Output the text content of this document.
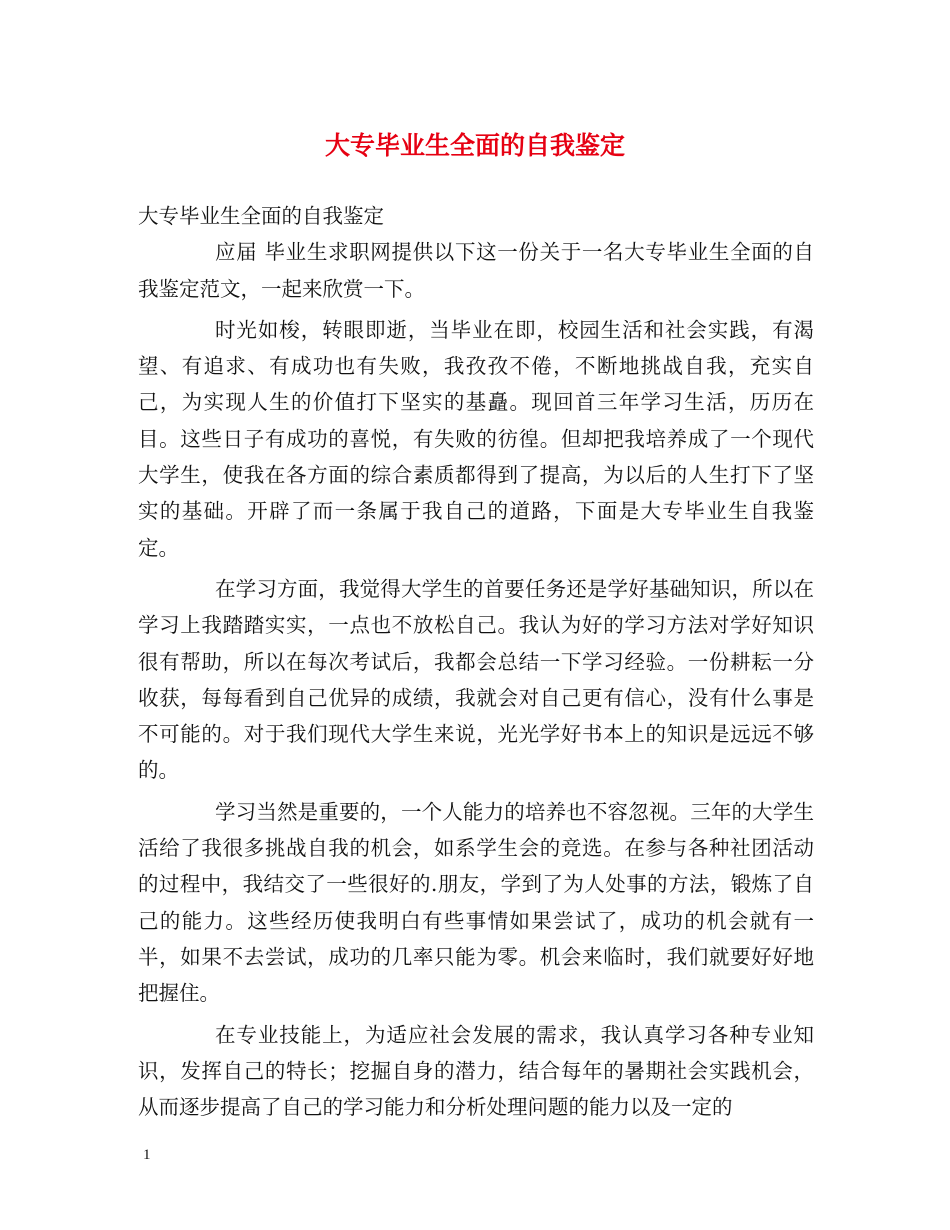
大专毕业生全面的自我鉴定

大专毕业生全面的自我鉴定

应届 毕业生求职网提供以下这一份关于一名大专毕业生全面的自我鉴定范文，一起来欣赏一下。

时光如梭，转眼即逝，当毕业在即，校园生活和社会实践，有渴望、有追求、有成功也有失败，我孜孜不倦，不断地挑战自我，充实自己，为实现人生的价值打下坚实的基矗。现回首三年学习生活，历历在目。这些日子有成功的喜悦，有失败的彷徨。但却把我培养成了一个现代大学生，使我在各方面的综合素质都得到了提高，为以后的人生打下了坚实的基础。开辟了而一条属于我自己的道路，下面是大专毕业生自我鉴定。

在学习方面，我觉得大学生的首要任务还是学好基础知识，所以在学习上我踏踏实实，一点也不放松自己。我认为好的学习方法对学好知识很有帮助，所以在每次考试后，我都会总结一下学习经验。一份耕耘一分收获，每每看到自己优异的成绩，我就会对自己更有信心，没有什么事是不可能的。对于我们现代大学生来说，光光学好书本上的知识是远远不够的。

学习当然是重要的，一个人能力的培养也不容忽视。三年的大学生活给了我很多挑战自我的机会，如系学生会的竞选。在参与各种社团活动的过程中，我结交了一些很好的.朋友，学到了为人处事的方法，锻炼了自己的能力。这些经历使我明白有些事情如果尝试了，成功的机会就有一半，如果不去尝试，成功的几率只能为零。机会来临时，我们就要好好地把握住。

在专业技能上，为适应社会发展的需求，我认真学习各种专业知识，发挥自己的特长；挖掘自身的潜力，结合每年的暑期社会实践机会，从而逐步提高了自己的学习能力和分析处理问题的能力以及一定的

1
